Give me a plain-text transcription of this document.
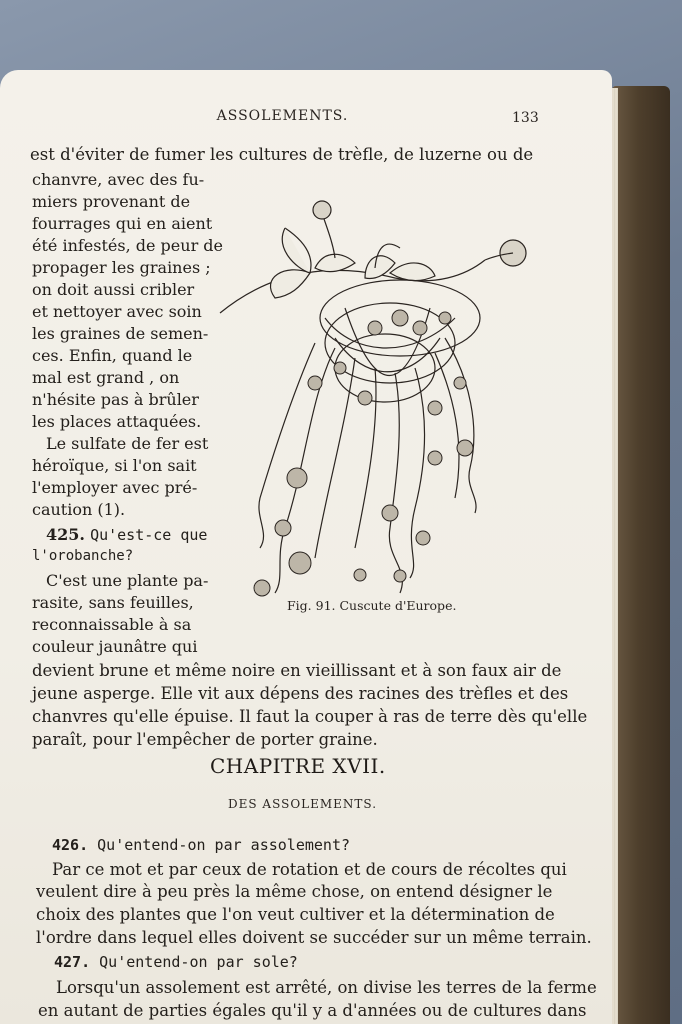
ASSOLEMENTS.	133
est d'éviter de fumer les cultures de trèfle, de luzerne ou de
chanvre, avec des fu-
miers provenant de
fourrages qui en aient
été infestés, de peur de
propager les graines ;
on doit aussi cribler
et nettoyer avec soin
les graines de semen-
ces. Enfin, quand le
mal est grand , on
n'hésite pas à brûler
les places attaquées.
Le sulfate de fer est
héroïque, si l'on sait
l'employer avec pré-
caution (1).
425. Qu'est-ce que
l'orobanche?
C'est une plante pa-
rasite, sans feuilles,
reconnaissable à sa
couleur jaunâtre qui
devient brune et même noire en vieillissant et à son faux air de
jeune asperge. Elle vit aux dépens des racines des trèfles et des
chanvres qu'elle épuise. Il faut la couper à ras de terre dès qu'elle
paraît, pour l'empêcher de porter graine.
Fig. 91. Cuscute d'Europe.
CHAPITRE XVII.
DES ASSOLEMENTS.
426. Qu'entend-on par assolement?
Par ce mot et par ceux de rotation et de cours de récoltes qui
veulent dire à peu près la même chose, on entend désigner le
choix des plantes que l'on veut cultiver et la détermination de
l'ordre dans lequel elles doivent se succéder sur un même terrain.
427. Qu'entend-on par sole?
Lorsqu'un assolement est arrêté, on divise les terres de la ferme
en autant de parties égales qu'il y a d'années ou de cultures dans
